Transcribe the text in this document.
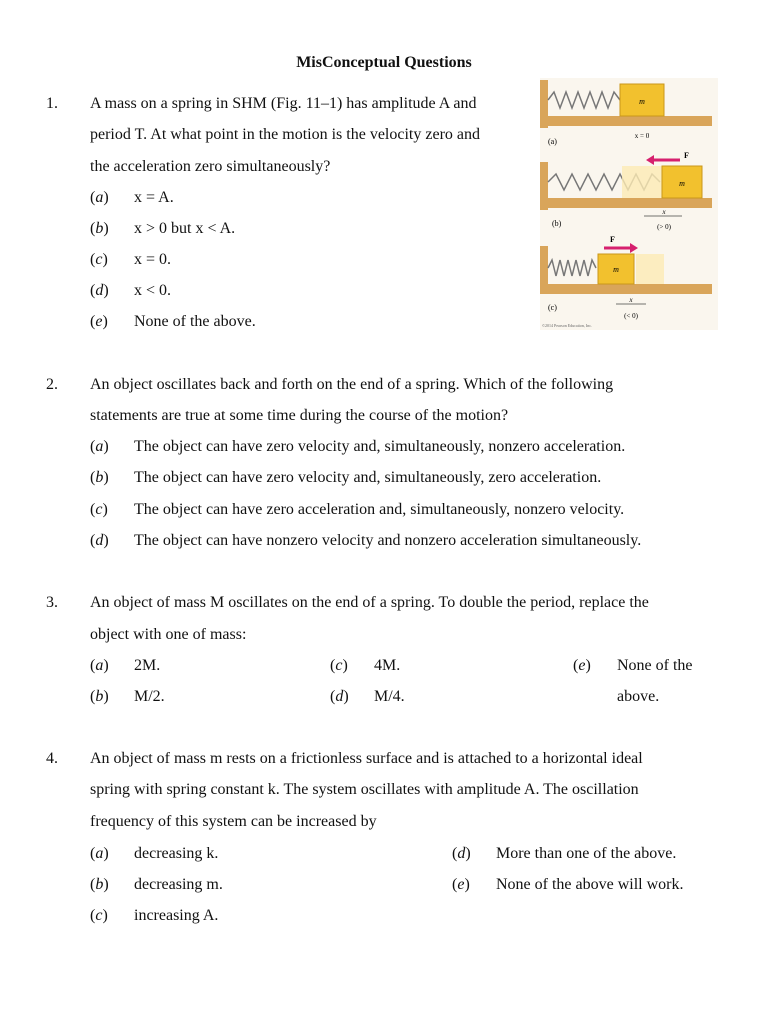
MisConceptual Questions
1. A mass on a spring in SHM (Fig. 11–1) has amplitude A and
period T. At what point in the motion is the velocity zero and
the acceleration zero simultaneously?
(a) x = A.
(b) x > 0 but x < A.
(c) x = 0.
(d) x < 0.
(e) None of the above.
m
(a)
x = 0
m
F
(b)
x
(> 0)
m
F
(c)
x
(< 0)
©2014 Pearson Education, Inc.
2. An object oscillates back and forth on the end of a spring. Which of the following
statements are true at some time during the course of the motion?
(a) The object can have zero velocity and, simultaneously, nonzero acceleration.
(b) The object can have zero velocity and, simultaneously, zero acceleration.
(c) The object can have zero acceleration and, simultaneously, nonzero velocity.
(d) The object can have nonzero velocity and nonzero acceleration simultaneously.
3. An object of mass M oscillates on the end of a spring. To double the period, replace the
object with one of mass:
(a) 2M.
(b) M/2.
(c) 4M.
(d) M/4.
(e) None of the
above.
4. An object of mass m rests on a frictionless surface and is attached to a horizontal ideal
spring with spring constant k. The system oscillates with amplitude A. The oscillation
frequency of this system can be increased by
(a) decreasing k.
(b) decreasing m.
(c) increasing A.
(d) More than one of the above.
(e) None of the above will work.
